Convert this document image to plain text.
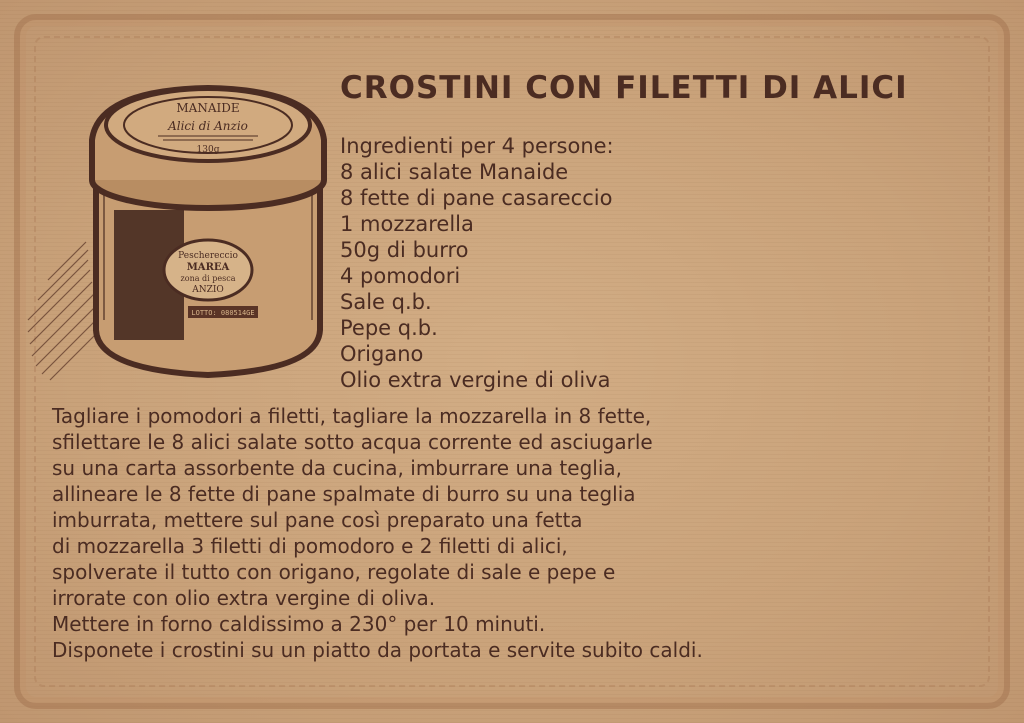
Peschereccio
MAREA
zona di pesca
ANZIO
LOTTO: 080514GE
MANAIDE
Alici di Anzio
130g
CROSTINI CON FILETTI DI ALICI
Ingredienti per 4 persone:
8 alici salate Manaide
8 fette di pane casareccio
1 mozzarella
50g di burro
4 pomodori
Sale q.b.
Pepe q.b.
Origano
Olio extra vergine di oliva
Tagliare i pomodori a filetti, tagliare la mozzarella in 8 fette,
sfilettare le 8 alici salate sotto acqua corrente ed asciugarle
su una carta assorbente da cucina, imburrare una teglia,
allineare le 8 fette di pane spalmate di burro su una teglia
imburrata, mettere sul pane così preparato una fetta
di mozzarella 3 filetti di pomodoro e 2 filetti di alici,
spolverate il tutto con origano, regolate di sale e pepe e
irrorate con olio extra vergine di oliva.
Mettere in forno caldissimo a 230° per 10 minuti.
Disponete i crostini su un piatto da portata e servite subito caldi.
